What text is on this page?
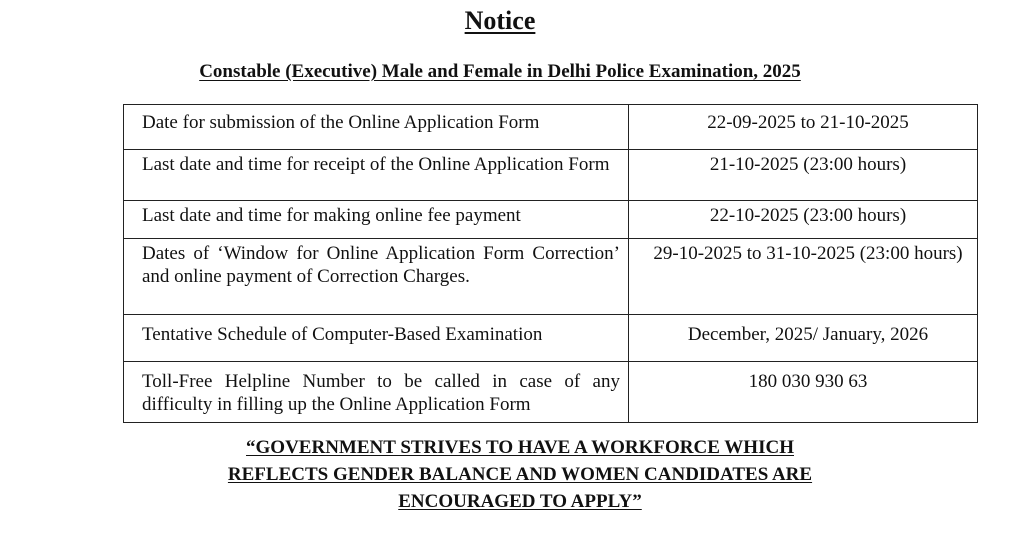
Notice
Constable (Executive) Male and Female in Delhi Police Examination, 2025
Date for submission of the Online Application Form	22-09-2025 to 21-10-2025
Last date and time for receipt of the Online Application Form	21-10-2025 (23:00 hours)
Last date and time for making online fee payment	22-10-2025 (23:00 hours)
Dates of ‘Window for Online Application Form Correction’ and online payment of Correction Charges.	29-10-2025 to 31-10-2025 (23:00 hours)
Tentative Schedule of Computer-Based Examination	December, 2025/ January, 2026
Toll-Free Helpline Number to be called in case of any difficulty in filling up the Online Application Form	180 030 930 63
“GOVERNMENT STRIVES TO HAVE A WORKFORCE WHICH
REFLECTS GENDER BALANCE AND WOMEN CANDIDATES ARE
ENCOURAGED TO APPLY”
